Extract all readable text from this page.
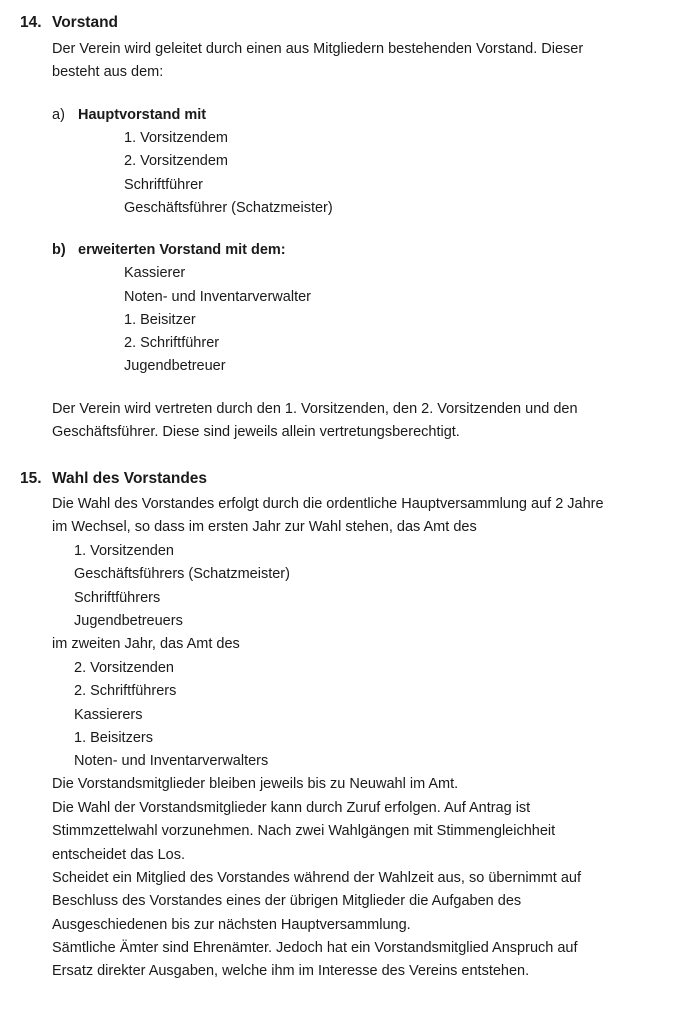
14. Vorstand
Der Verein wird geleitet durch einen aus Mitgliedern bestehenden Vorstand. Dieser
besteht aus dem:
a) Hauptvorstand mit
1. Vorsitzendem
2. Vorsitzendem
Schriftführer
Geschäftsführer (Schatzmeister)
b) erweiterten Vorstand mit dem:
Kassierer
Noten- und Inventarverwalter
1. Beisitzer
2. Schriftführer
Jugendbetreuer
Der Verein wird vertreten durch den 1. Vorsitzenden, den 2. Vorsitzenden und den
Geschäftsführer. Diese sind jeweils allein vertretungsberechtigt.
15. Wahl des Vorstandes
Die Wahl des Vorstandes erfolgt durch die ordentliche Hauptversammlung auf 2 Jahre
im Wechsel, so dass im ersten Jahr zur Wahl stehen, das Amt des
1. Vorsitzenden
Geschäftsführers (Schatzmeister)
Schriftführers
Jugendbetreuers
im zweiten Jahr, das Amt des
2. Vorsitzenden
2. Schriftführers
Kassierers
1. Beisitzers
Noten- und Inventarverwalters
Die Vorstandsmitglieder bleiben jeweils bis zu Neuwahl im Amt.
Die Wahl der Vorstandsmitglieder kann durch Zuruf erfolgen. Auf Antrag ist
Stimmzettelwahl vorzunehmen. Nach zwei Wahlgängen mit Stimmengleichheit
entscheidet das Los.
Scheidet ein Mitglied des Vorstandes während der Wahlzeit aus, so übernimmt auf
Beschluss des Vorstandes eines der übrigen Mitglieder die Aufgaben des
Ausgeschiedenen bis zur nächsten Hauptversammlung.
Sämtliche Ämter sind Ehrenämter. Jedoch hat ein Vorstandsmitglied Anspruch auf
Ersatz direkter Ausgaben, welche ihm im Interesse des Vereins entstehen.
